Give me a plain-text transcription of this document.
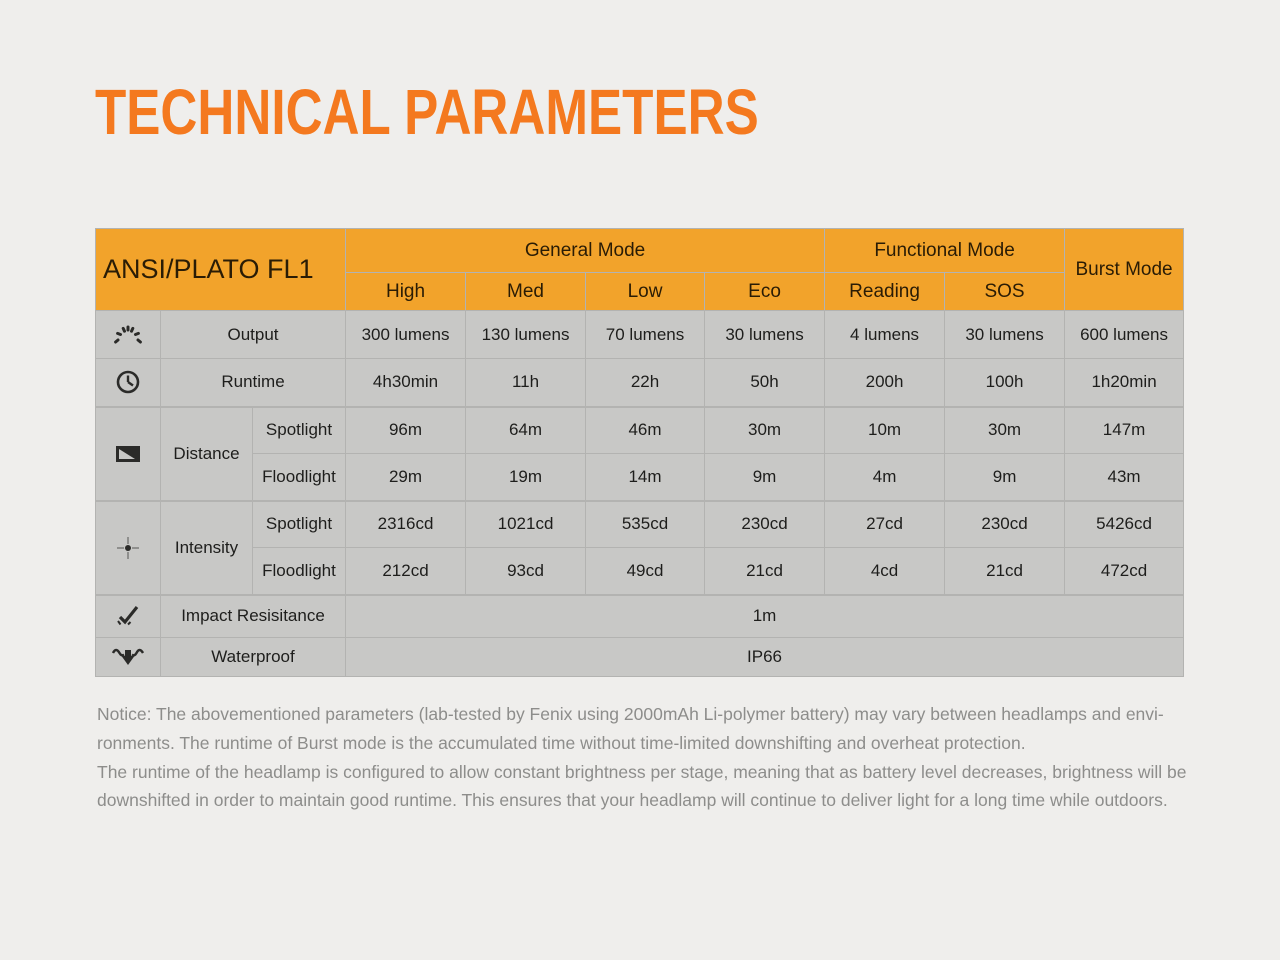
TECHNICAL PARAMETERS
ANSI/PLATO FL1			General Mode				Functional Mode		Burst Mode
			High	Med	Low	Eco	Reading	SOS	

	Output		300 lumens	130 lumens	70 lumens	30 lumens	4 lumens	30 lumens	600 lumens

	Runtime		4h30min	11h	22h	50h	200h	100h	1h20min

	Distance	Spotlight	96m	64m	46m	30m	10m	30m	147m
		Floodlight	29m	19m	14m	9m	4m	9m	43m

	Intensity	Spotlight	2316cd	1021cd	535cd	230cd	27cd	230cd	5426cd
		Floodlight	212cd	93cd	49cd	21cd	4cd	21cd	472cd

	Impact Resisitance		1m						

	Waterproof		IP66						
Notice: The abovementioned parameters (lab-tested by Fenix using 2000mAh Li-polymer battery) may vary between headlamps and envi-
ronments. The runtime of Burst mode is the accumulated time without time-limited downshifting and overheat protection.
The runtime of the headlamp is configured to allow constant brightness per stage, meaning that as battery level decreases, brightness will be
downshifted in order to maintain good runtime. This ensures that your headlamp will continue to deliver light for a long time while outdoors.
